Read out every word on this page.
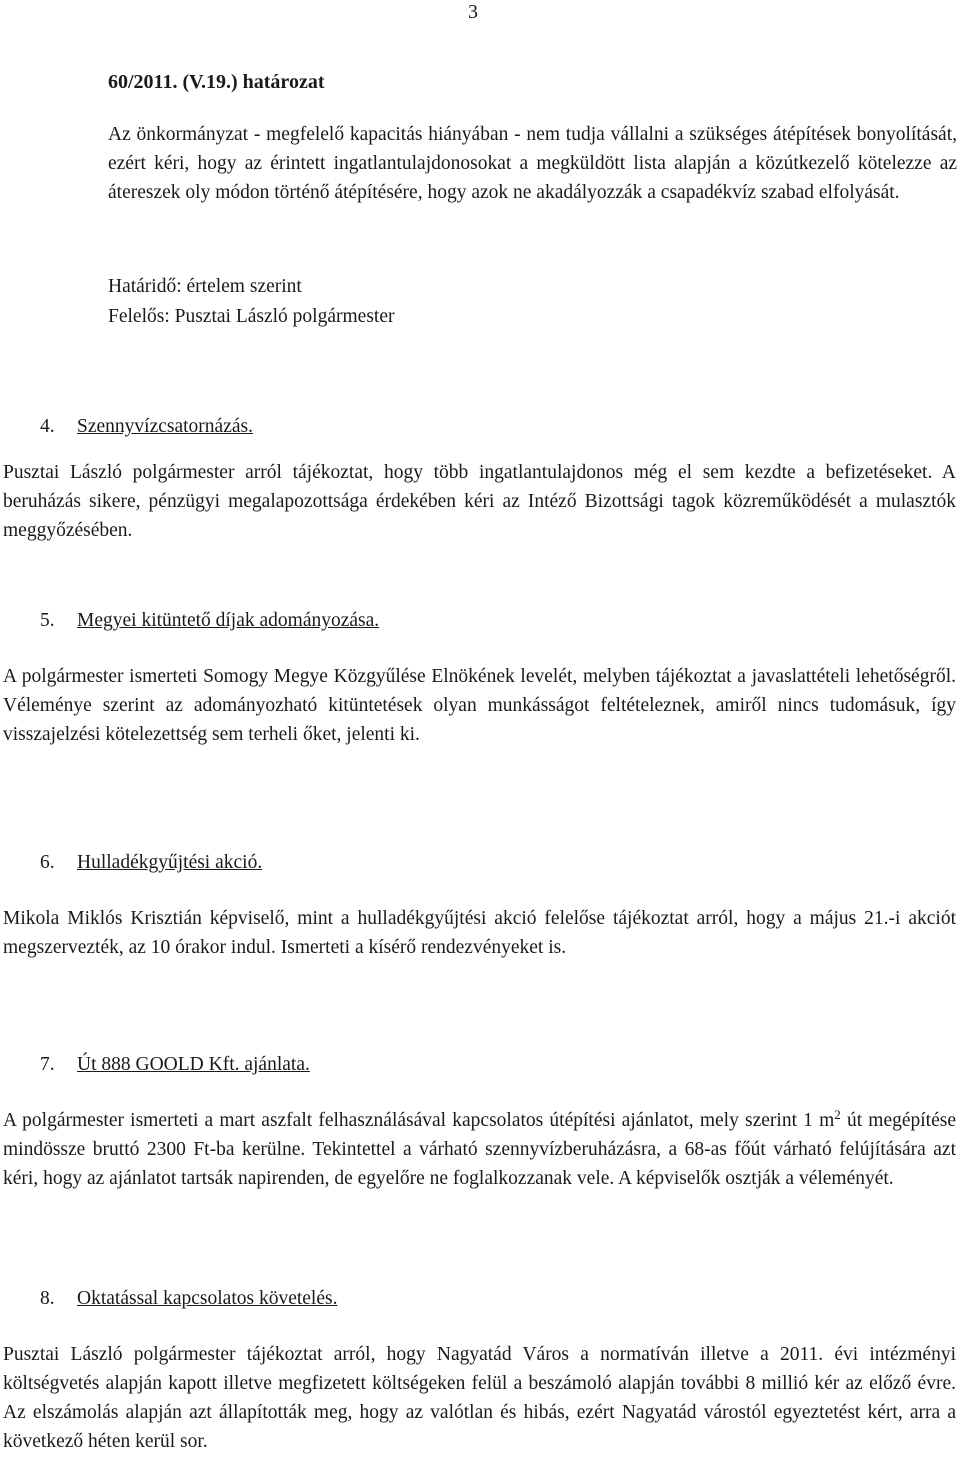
3
60/2011. (V.19.) határozat

Az önkormányzat - megfelelő kapacitás hiányában - nem tudja vállalni a szükséges átépítések bonyolítását, ezért kéri, hogy az érintett ingatlantulajdonosokat a megküldött lista alapján a közútkezelő kötelezze az átereszek oly módon történő átépítésére, hogy azok ne akadályozzák a csapadékvíz szabad elfolyását.

Határidő: értelem szerint

Felelős: Pusztai László polgármester

4. Szennyvízcsatornázás.

Pusztai László polgármester arról tájékoztat, hogy több ingatlantulajdonos még el sem kezdte a befizetéseket. A beruházás sikere, pénzügyi megalapozottsága érdekében kéri az Intéző Bizottsági tagok közreműködését a mulasztók meggyőzésében.

5. Megyei kitüntető díjak adományozása.

A polgármester ismerteti Somogy Megye Közgyűlése Elnökének levelét, melyben tájékoztat a javaslattételi lehetőségről. Véleménye szerint az adományozható kitüntetések olyan munkásságot feltételeznek, amiről nincs tudomásuk, így visszajelzési kötelezettség sem terheli őket, jelenti ki.

6. Hulladékgyűjtési akció.

Mikola Miklós Krisztián képviselő, mint a hulladékgyűjtési akció felelőse tájékoztat arról, hogy a május 21.-i akciót megszervezték, az 10 órakor indul. Ismerteti a kísérő rendezvényeket is.

7. Út 888 GOOLD Kft. ajánlata.

A polgármester ismerteti a mart aszfalt felhasználásával kapcsolatos útépítési ajánlatot, mely szerint 1 $m^2$ út megépítése mindössze bruttó 2300 Ft-ba kerülne. Tekintettel a várható szennyvízberuházásra, a 68-as főút várható felújítására azt kéri, hogy az ajánlatot tartsák napirenden, de egyelőre ne foglalkozzanak vele. A képviselők osztják a véleményét.

8. Oktatással kapcsolatos követelés.

Pusztai László polgármester tájékoztat arról, hogy Nagyatád Város a normatíván illetve a 2011. évi intézményi költségvetés alapján kapott illetve megfizetett költségeken felül a beszámoló alapján további 8 millió kér az előző évre. Az elszámolás alapján azt állapították meg, hogy az valótlan és hibás, ezért Nagyatád várostól egyeztetést kért, arra a következő héten kerül sor.
